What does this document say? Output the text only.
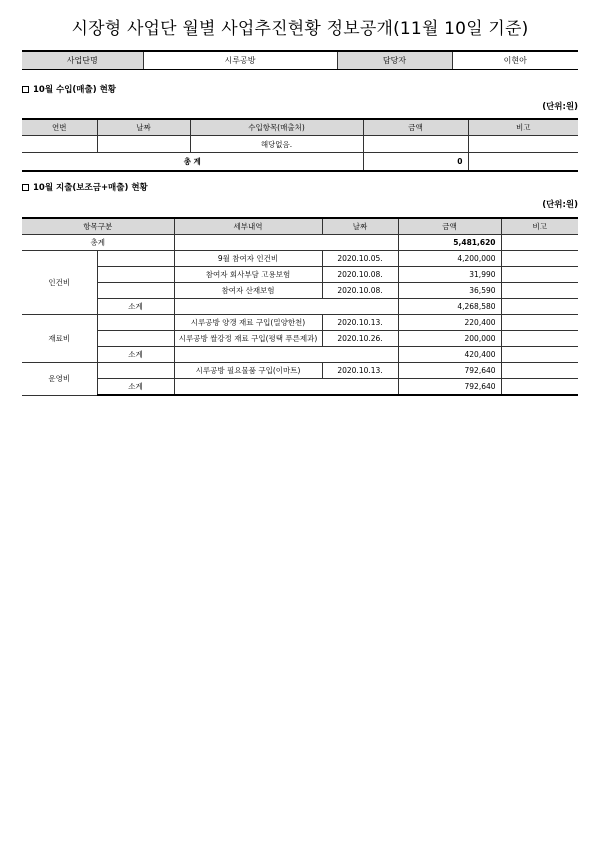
시장형 사업단 월별 사업추진현황 정보공개(11월 10일 기준)
사업단명	시루공방	담당자	이현아
10월 수입(매출) 현황
(단위:원)
연번	날짜	수입항목(매출처)	금액	비고
		해당없음.		
총 계			0	
10월 지출(보조금+매출) 현황
(단위:원)
항목구분		세부내역	날짜	금액	비고
총계				5,481,620	
인건비		9월 참여자 인건비	2020.10.05.	4,200,000	
		참여자 회사부담 고용보험	2020.10.08.	31,990	
		참여자 산재보험	2020.10.08.	36,590	
	소계			4,268,580	
재료비		시루공방 양갱 재료 구입(밀양한천)	2020.10.13.	220,400	
		시루공방 쌀강정 재료 구입(평택 푸른제과)	2020.10.26.	200,000	
	소계			420,400	
운영비		시루공방 필요물품 구입(이마트)	2020.10.13.	792,640	
	소계			792,640	
